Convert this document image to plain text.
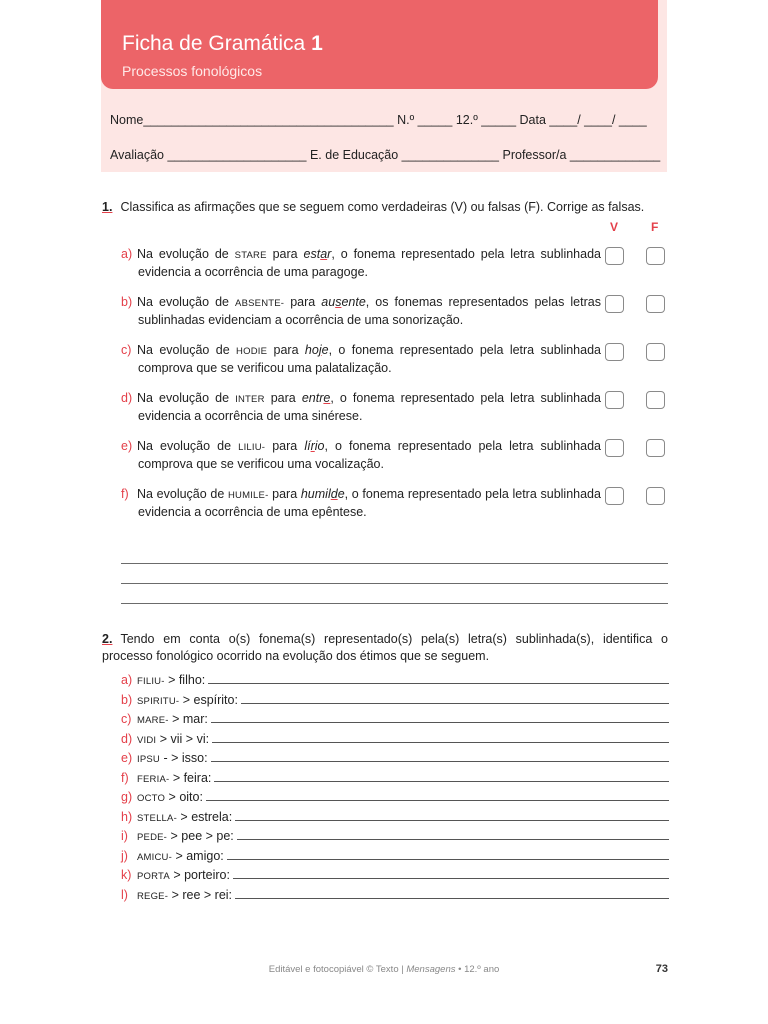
Ficha de Gramática 1
Processos fonológicos
Nome____________________________________ N.º _____ 12.º _____ Data ____/ ____/ ____
Avaliação ____________________ E. de Educação ______________ Professor/a _____________
1. Classifica as afirmações que se seguem como verdadeiras (V) ou falsas (F). Corrige as falsas.
V	F
a) Na evolução de STARE para estar, o fonema representado pela letra sublinhada evidencia a ocorrência de uma paragoge.
b) Na evolução de ABSENTE- para ausente, os fonemas representados pelas letras sublinhadas evidenciam a ocorrência de uma sonorização.
c) Na evolução de HODIE para hoje, o fonema representado pela letra sublinhada comprova que se verificou uma palatalização.
d) Na evolução de INTER para entre, o fonema representado pela letra sublinhada evidencia a ocorrência de uma sinérese.
e) Na evolução de LILIU- para lírio, o fonema representado pela letra sublinhada comprova que se verificou uma vocalização.
f) Na evolução de HUMILE- para humilde, o fonema representado pela letra sublinhada evidencia a ocorrência de uma epêntese.
2. Tendo em conta o(s) fonema(s) representado(s) pela(s) letra(s) sublinhada(s), identifica o processo fonológico ocorrido na evolução dos étimos que se seguem.
a) FILIU- > filho:
b) SPIRITU- > espírito:
c) MARE- > mar:
d) VIDI > vii > vi:
e) IPSU - > isso:
f) FERIA- > feira:
g) OCTO > oito:
h) STELLA- > estrela:
i) PEDE- > pee > pe:
j) AMICU- > amigo:
k) PORTA > porteiro:
l) REGE- > ree > rei:
Editável e fotocopiável © Texto | Mensagens • 12.º ano	73
